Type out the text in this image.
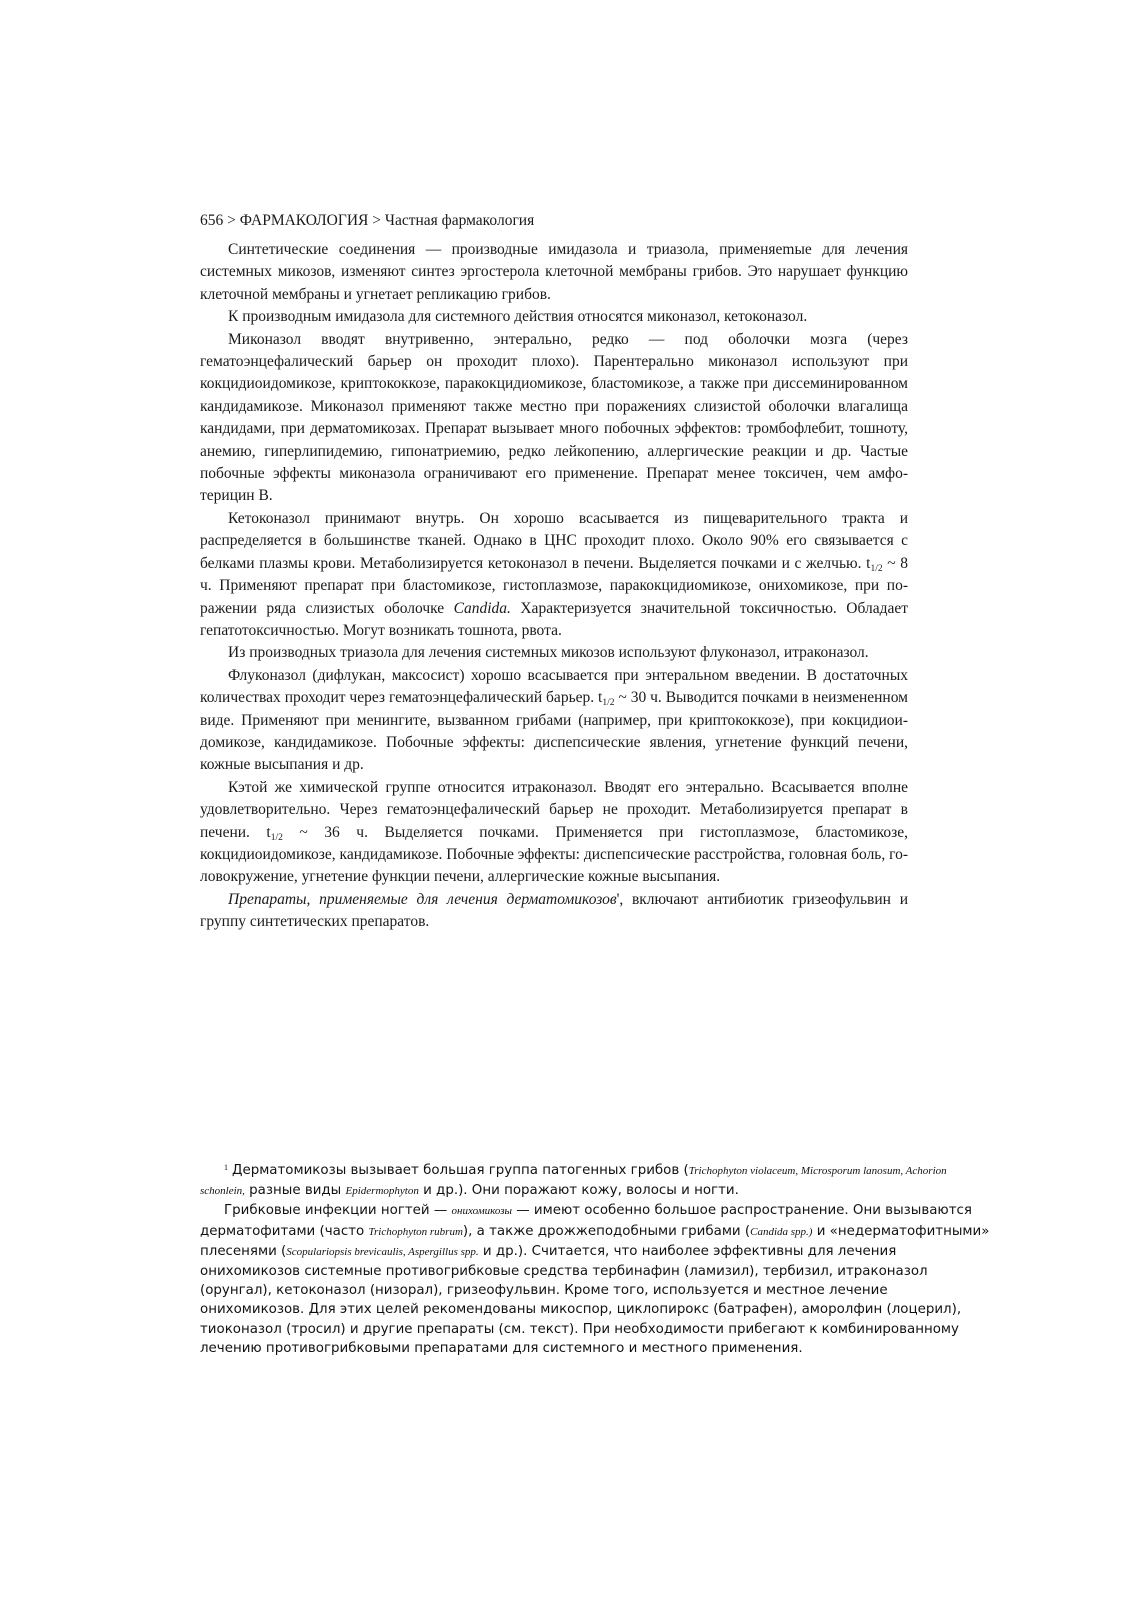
656 > ФАРМАКОЛОГИЯ > Частная фармакология

Синтетические соединения — производные имидазола и триазола, применяеmые для лечения системных микозов, изменяют синтез эргостерола клеточной мембраны грибов. Это нарушает функцию клеточной мембраны и угнетает репликацию грибов.

К производным имидазола для системного действия относятся миконазол, кетоконазол.

Миконазол вводят внутривенно, энтерально, редко — под оболочки мозга (через гематоэнцефалический барьер он проходит плохо). Парентерально миконазол используют при кокцидиоидомикозе, криптококкозе, паракокцидиомикозе, бластомикозе, а также при диссеминированном кандидамикозе. Миконазол применяют также местно при поражениях слизистой оболочки влагалища кандидами, при дерматомикозах. Препарат вызывает много побочных эффектов: тромбофлебит, тошноту, анемию, гиперлипидемию, гипонатриемию, редко лейкопению, аллергические реакции и др. Частые побочные эффекты миконазола ограничивают его применение. Препарат менее токсичен, чем амфотерицин В.

Кетоконазол принимают внутрь. Он хорошо всасывается из пищеварительного тракта и распределяется в большинстве тканей. Однако в ЦНС проходит плохо. Около 90% его связывается с белками плазмы крови. Метаболизируется кетоконазол в печени. Выделяется почками и с желчью. $t_{1/2}$ ~ 8 ч. Применяют препарат при бластомикозе, гистоплазмозе, паракокцидиомикозе, онихомикозе, при поражении ряда слизистых оболочке Candida. Характеризуется значительной токсичностью. Обладает гепатотоксичностью. Могут возникать тошнота, рвота.

Из производных триазола для лечения системных микозов используют флуконазол, итраконазол.

Флуконазол (дифлукан, максосист) хорошо всасывается при энтеральном введении. В достаточных количествах проходит через гематоэнцефалический барьер. $t_{1/2}$ ~ 30 ч. Выводится почками в неизмененном виде. Применяют при менингите, вызванном грибами (например, при криптококкозе), при кокцидиоидомикозе, кандидамикозе. Побочные эффекты: диспепсические явления, угнетение функций печени, кожные высыпания и др.

Кэтой же химической группе относится итраконазол. Вводят его энтерально. Всасывается вполне удовлетворительно. Через гематоэнцефалический барьер не проходит. Метаболизируется препарат в печени. $t_{1/2}$ ~ 36 ч. Выделяется почками. Применяется при гистоплазмозе, бластомикозе, кокцидиоидомикозе, кандидамикозе. Побочные эффекты: диспепсические расстройства, головная боль, головокружение, угнетение функции печени, аллергические кожные высыпания.

Препараты, применяемые для лечения дерматомикозов', включают антибиотик гризеофульвин и группу синтетических препаратов.

$^1$ Дерматомикозы вызывает большая группа патогенных грибов (Trichophyton violaceum, Microsporum lanosum, Achorion schonlein, разные виды Epidermophyton и др.). Они поражают кожу, волосы и ногти.

Грибковые инфекции ногтей — онихомикозы — имеют особенно большое распространение. Они вызываются дерматофитами (часто Trichophyton rubrum), а также дрожжеподобными грибами (Candida spp.) и «недерматофитными» плесенями (Scopulariopsis brevicaulis, Aspergillus spp. и др.). Считается, что наиболее эффективны для лечения онихомикозов системные противогрибковые средства тербинафин (ламизил), тербизил, итраконазол (орунгал), кетоконазол (низорал), гризеофульвин. Кроме того, используется и местное лечение онихомикозов. Для этих целей рекомендованы микоспор, циклопирокс (батрафен), аморолфин (лоцерил), тиоконазол (тросил) и другие препараты (см. текст). При необходимости прибегают к комбинированному лечению противогрибковыми препаратами для системного и местного применения.
